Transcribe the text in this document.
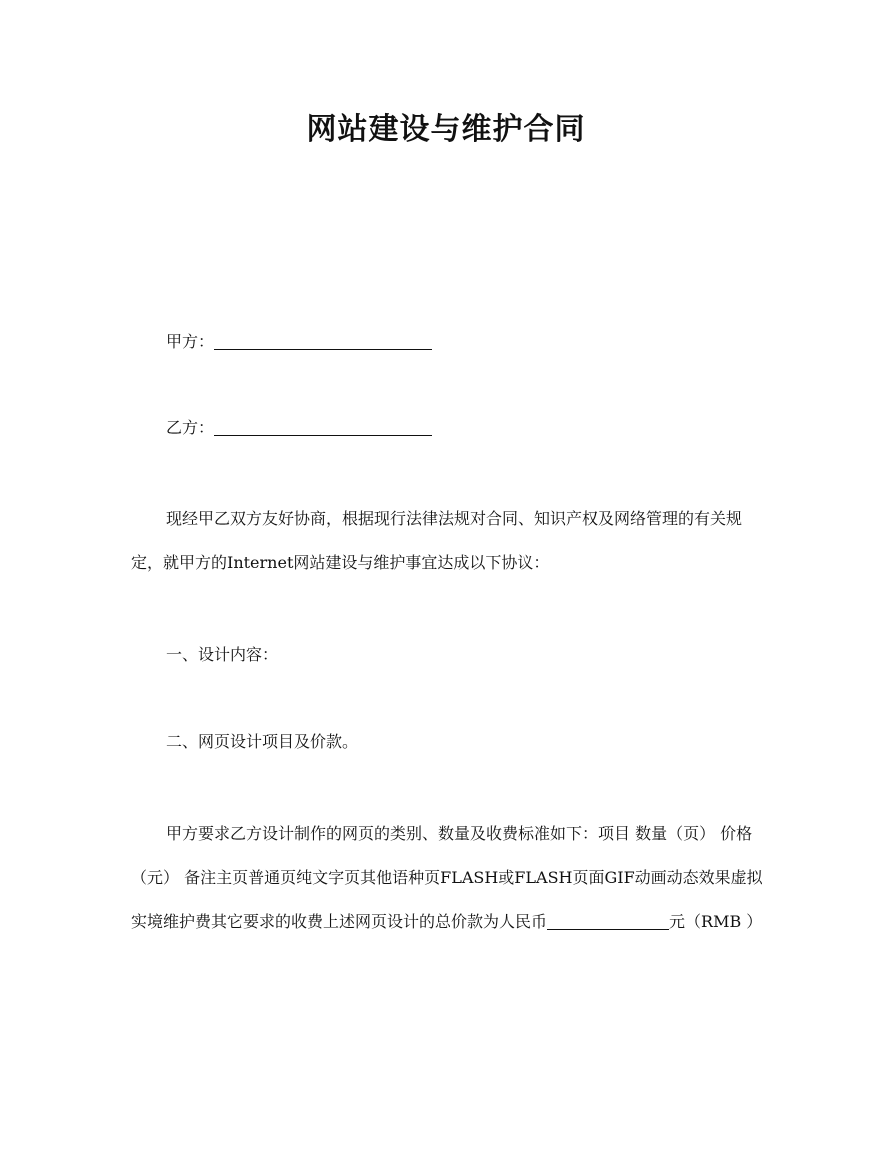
网站建设与维护合同
甲方：
乙方：
现经甲乙双方友好协商，根据现行法律法规对合同、知识产权及网络管理的有关规定，就甲方的Internet网站建设与维护事宜达成以下协议：
一、设计内容：
二、网页设计项目及价款。
甲方要求乙方设计制作的网页的类别、数量及收费标准如下：项目 数量（页） 价格（元） 备注主页普通页纯文字页其他语种页FLASH或FLASH页面GIF动画动态效果虚拟实境维护费其它要求的收费上述网页设计的总价款为人民币	元（RMB ）
